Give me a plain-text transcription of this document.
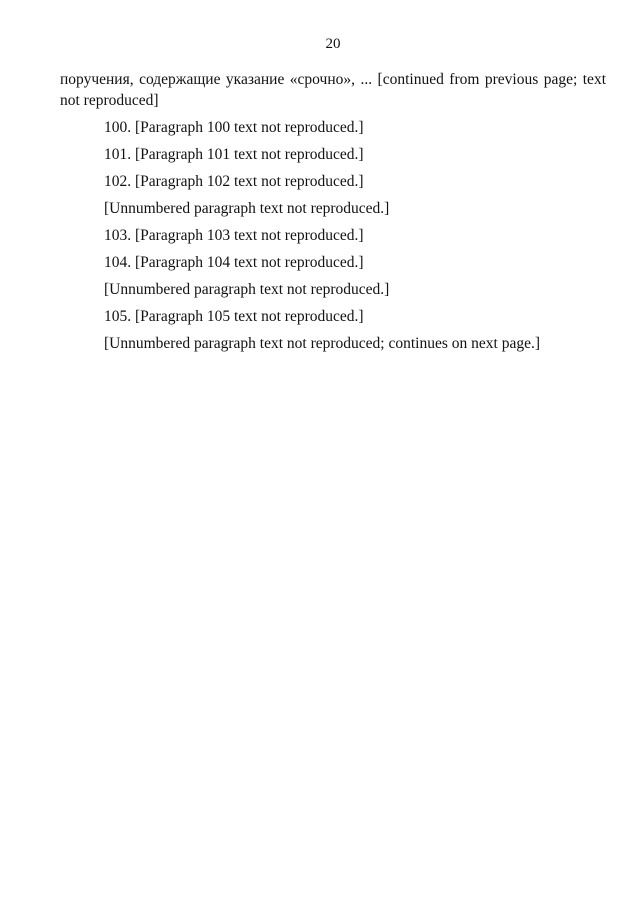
20

поручения, содержащие указание «срочно», ... [continued from previous page; text not reproduced]

100. [Paragraph 100 text not reproduced.]

101. [Paragraph 101 text not reproduced.]

102. [Paragraph 102 text not reproduced.]

[Unnumbered paragraph text not reproduced.]

103. [Paragraph 103 text not reproduced.]

104. [Paragraph 104 text not reproduced.]

[Unnumbered paragraph text not reproduced.]

105. [Paragraph 105 text not reproduced.]

[Unnumbered paragraph text not reproduced; continues on next page.]
